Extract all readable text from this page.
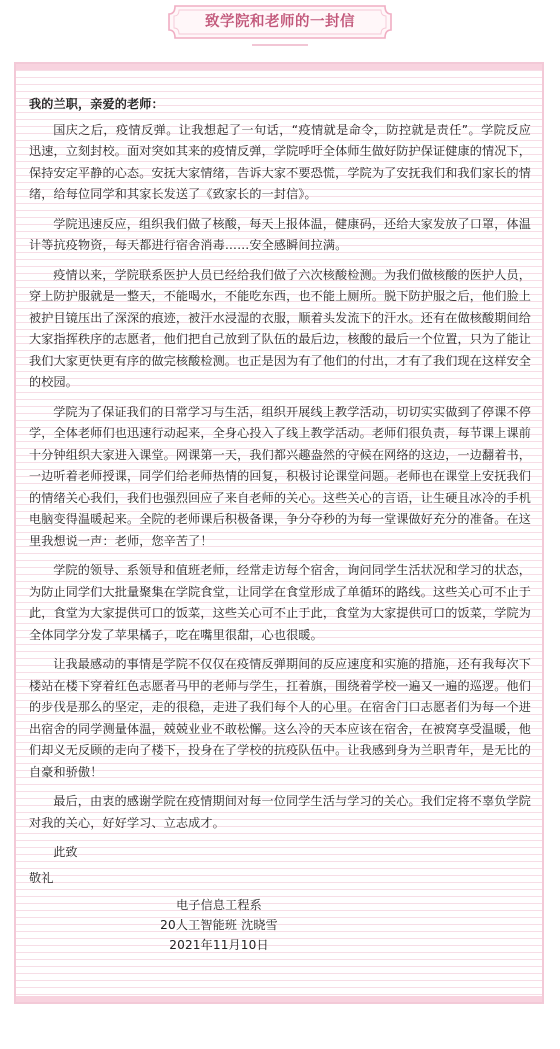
致学院和老师的一封信

我的兰职，亲爱的老师：

国庆之后，疫情反弹。让我想起了一句话，“疫情就是命令，防控就是责任”。学院反应迅速，立刻封校。面对突如其来的疫情反弹，学院呼吁全体师生做好防护保证健康的情况下，保持安定平静的心态。安抚大家情绪，告诉大家不要恐慌，学院为了安抚我们和我们家长的情绪，给每位同学和其家长发送了《致家长的一封信》。

学院迅速反应，组织我们做了核酸，每天上报体温，健康码，还给大家发放了口罩，体温计等抗疫物资，每天都进行宿舍消毒……安全感瞬间拉满。

疫情以来，学院联系医护人员已经给我们做了六次核酸检测。为我们做核酸的医护人员，穿上防护服就是一整天，不能喝水，不能吃东西，也不能上厕所。脱下防护服之后，他们脸上被护目镜压出了深深的痕迹，被汗水浸湿的衣服，顺着头发流下的汗水。还有在做核酸期间给大家指挥秩序的志愿者，他们把自己放到了队伍的最后边，核酸的最后一个位置，只为了能让我们大家更快更有序的做完核酸检测。也正是因为有了他们的付出，才有了我们现在这样安全的校园。

学院为了保证我们的日常学习与生活，组织开展线上教学活动，切切实实做到了停课不停学，全体老师们也迅速行动起来，全身心投入了线上教学活动。老师们很负责，每节课上课前十分钟组织大家进入课堂。网课第一天，我们都兴趣盎然的守候在网络的这边，一边翻着书，一边听着老师授课，同学们给老师热情的回复，积极讨论课堂问题。老师也在课堂上安抚我们的情绪关心我们，我们也强烈回应了来自老师的关心。这些关心的言语，让生硬且冰冷的手机电脑变得温暖起来。全院的老师课后积极备课，争分夺秒的为每一堂课做好充分的准备。在这里我想说一声：老师，您辛苦了！

学院的领导、系领导和值班老师，经常走访每个宿舍，询问同学生活状况和学习的状态，为防止同学们大批量聚集在学院食堂，让同学在食堂形成了单循环的路线。这些关心可不止于此，食堂为大家提供可口的饭菜，这些关心可不止于此，食堂为大家提供可口的饭菜，学院为全体同学分发了苹果橘子，吃在嘴里很甜，心也很暖。

让我最感动的事情是学院不仅仅在疫情反弹期间的反应速度和实施的措施，还有我每次下楼站在楼下穿着红色志愿者马甲的老师与学生，扛着旗，围绕着学校一遍又一遍的巡逻。他们的步伐是那么的坚定，走的很稳，走进了我们每个人的心里。在宿舍门口志愿者们为每一个进出宿舍的同学测量体温，兢兢业业不敢松懈。这么冷的天本应该在宿舍，在被窝享受温暖，他们却义无反顾的走向了楼下，投身在了学校的抗疫队伍中。让我感到身为兰职青年，是无比的自豪和骄傲！

最后，由衷的感谢学院在疫情期间对每一位同学生活与学习的关心。我们定将不辜负学院对我的关心，好好学习、立志成才。

此致

敬礼

电子信息工程系
20人工智能班 沈晓雪
2021年11月10日
